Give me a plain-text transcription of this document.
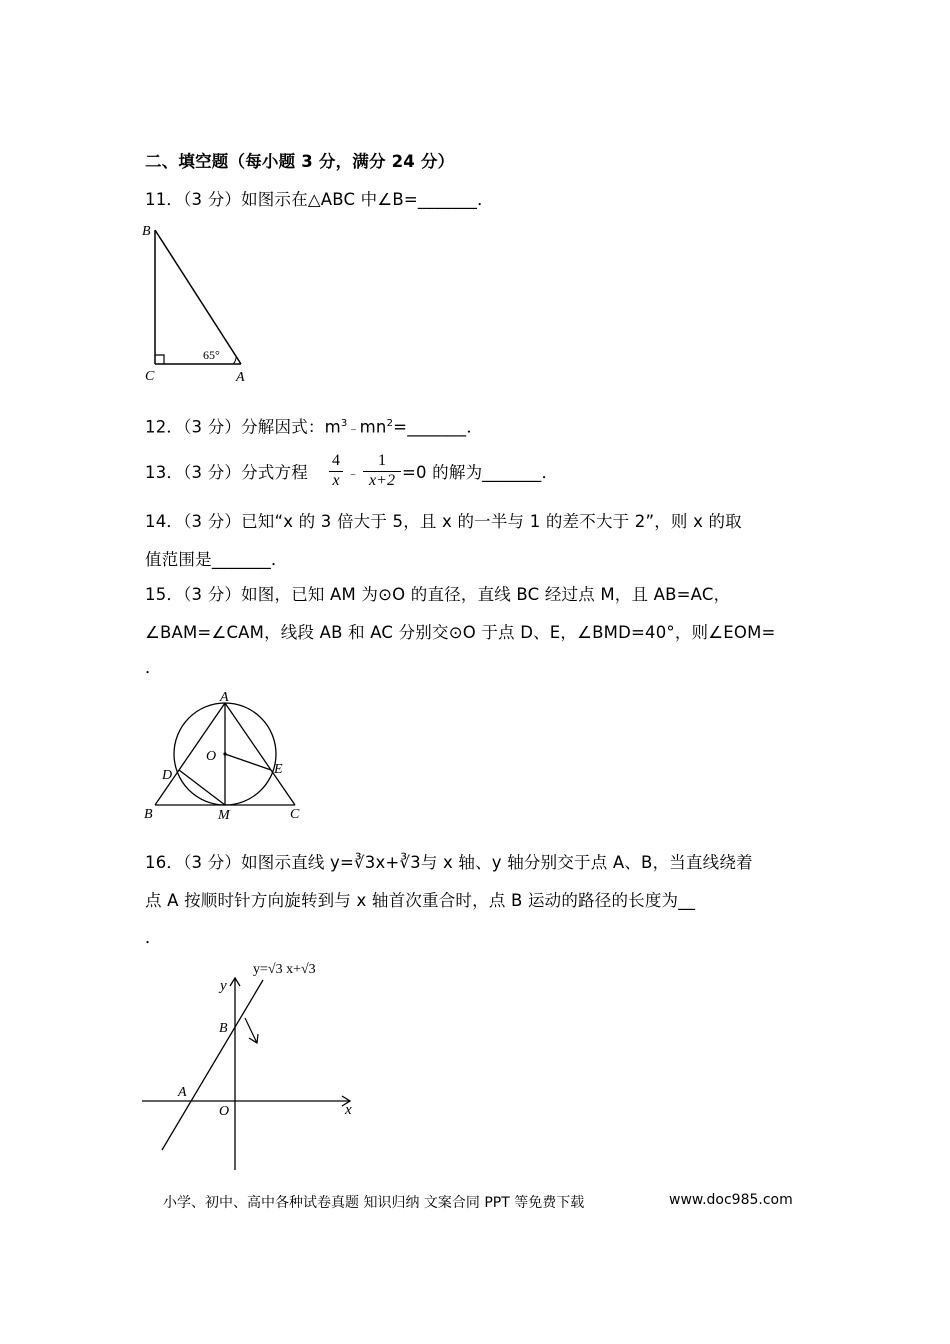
二、填空题（每小题 3 分，满分 24 分）
11．（3 分）如图示在△ABC 中∠B=_______．
B
C	A
65°
12．（3 分）分解因式：$m^3﹣mn^2=\_\_\_\_\_\_\_$．
13．（3 分）分式方程
4
x ﹣
1
x+2 =0 的解为_______．
14．（3 分）已知“x 的 3 倍大于 5，且 x 的一半与 1 的差不大于 2”，则 x 的取
值范围是_______．
15．（3 分）如图，已知 AM 为⊙O 的直径，直线 BC 经过点 M，且 AB=AC，
∠BAM=∠CAM，线段 AB 和 AC 分别交⊙O 于点 D、E，∠BMD=40°，则∠EOM=
．
A
O
D	E
B	M	C
16．（3 分）如图示直线 y=∛3x+∛3与 x 轴、y 轴分别交于点 A、B，当直线绕着
点 A 按顺时针方向旋转到与 x 轴首次重合时，点 B 运动的路径的长度为__
．
y=√3 x+√3
y
x
B
A
O
小学、初中、高中各种试卷真题 知识归纳 文案合同 PPT 等免费下载	www.doc985.com
